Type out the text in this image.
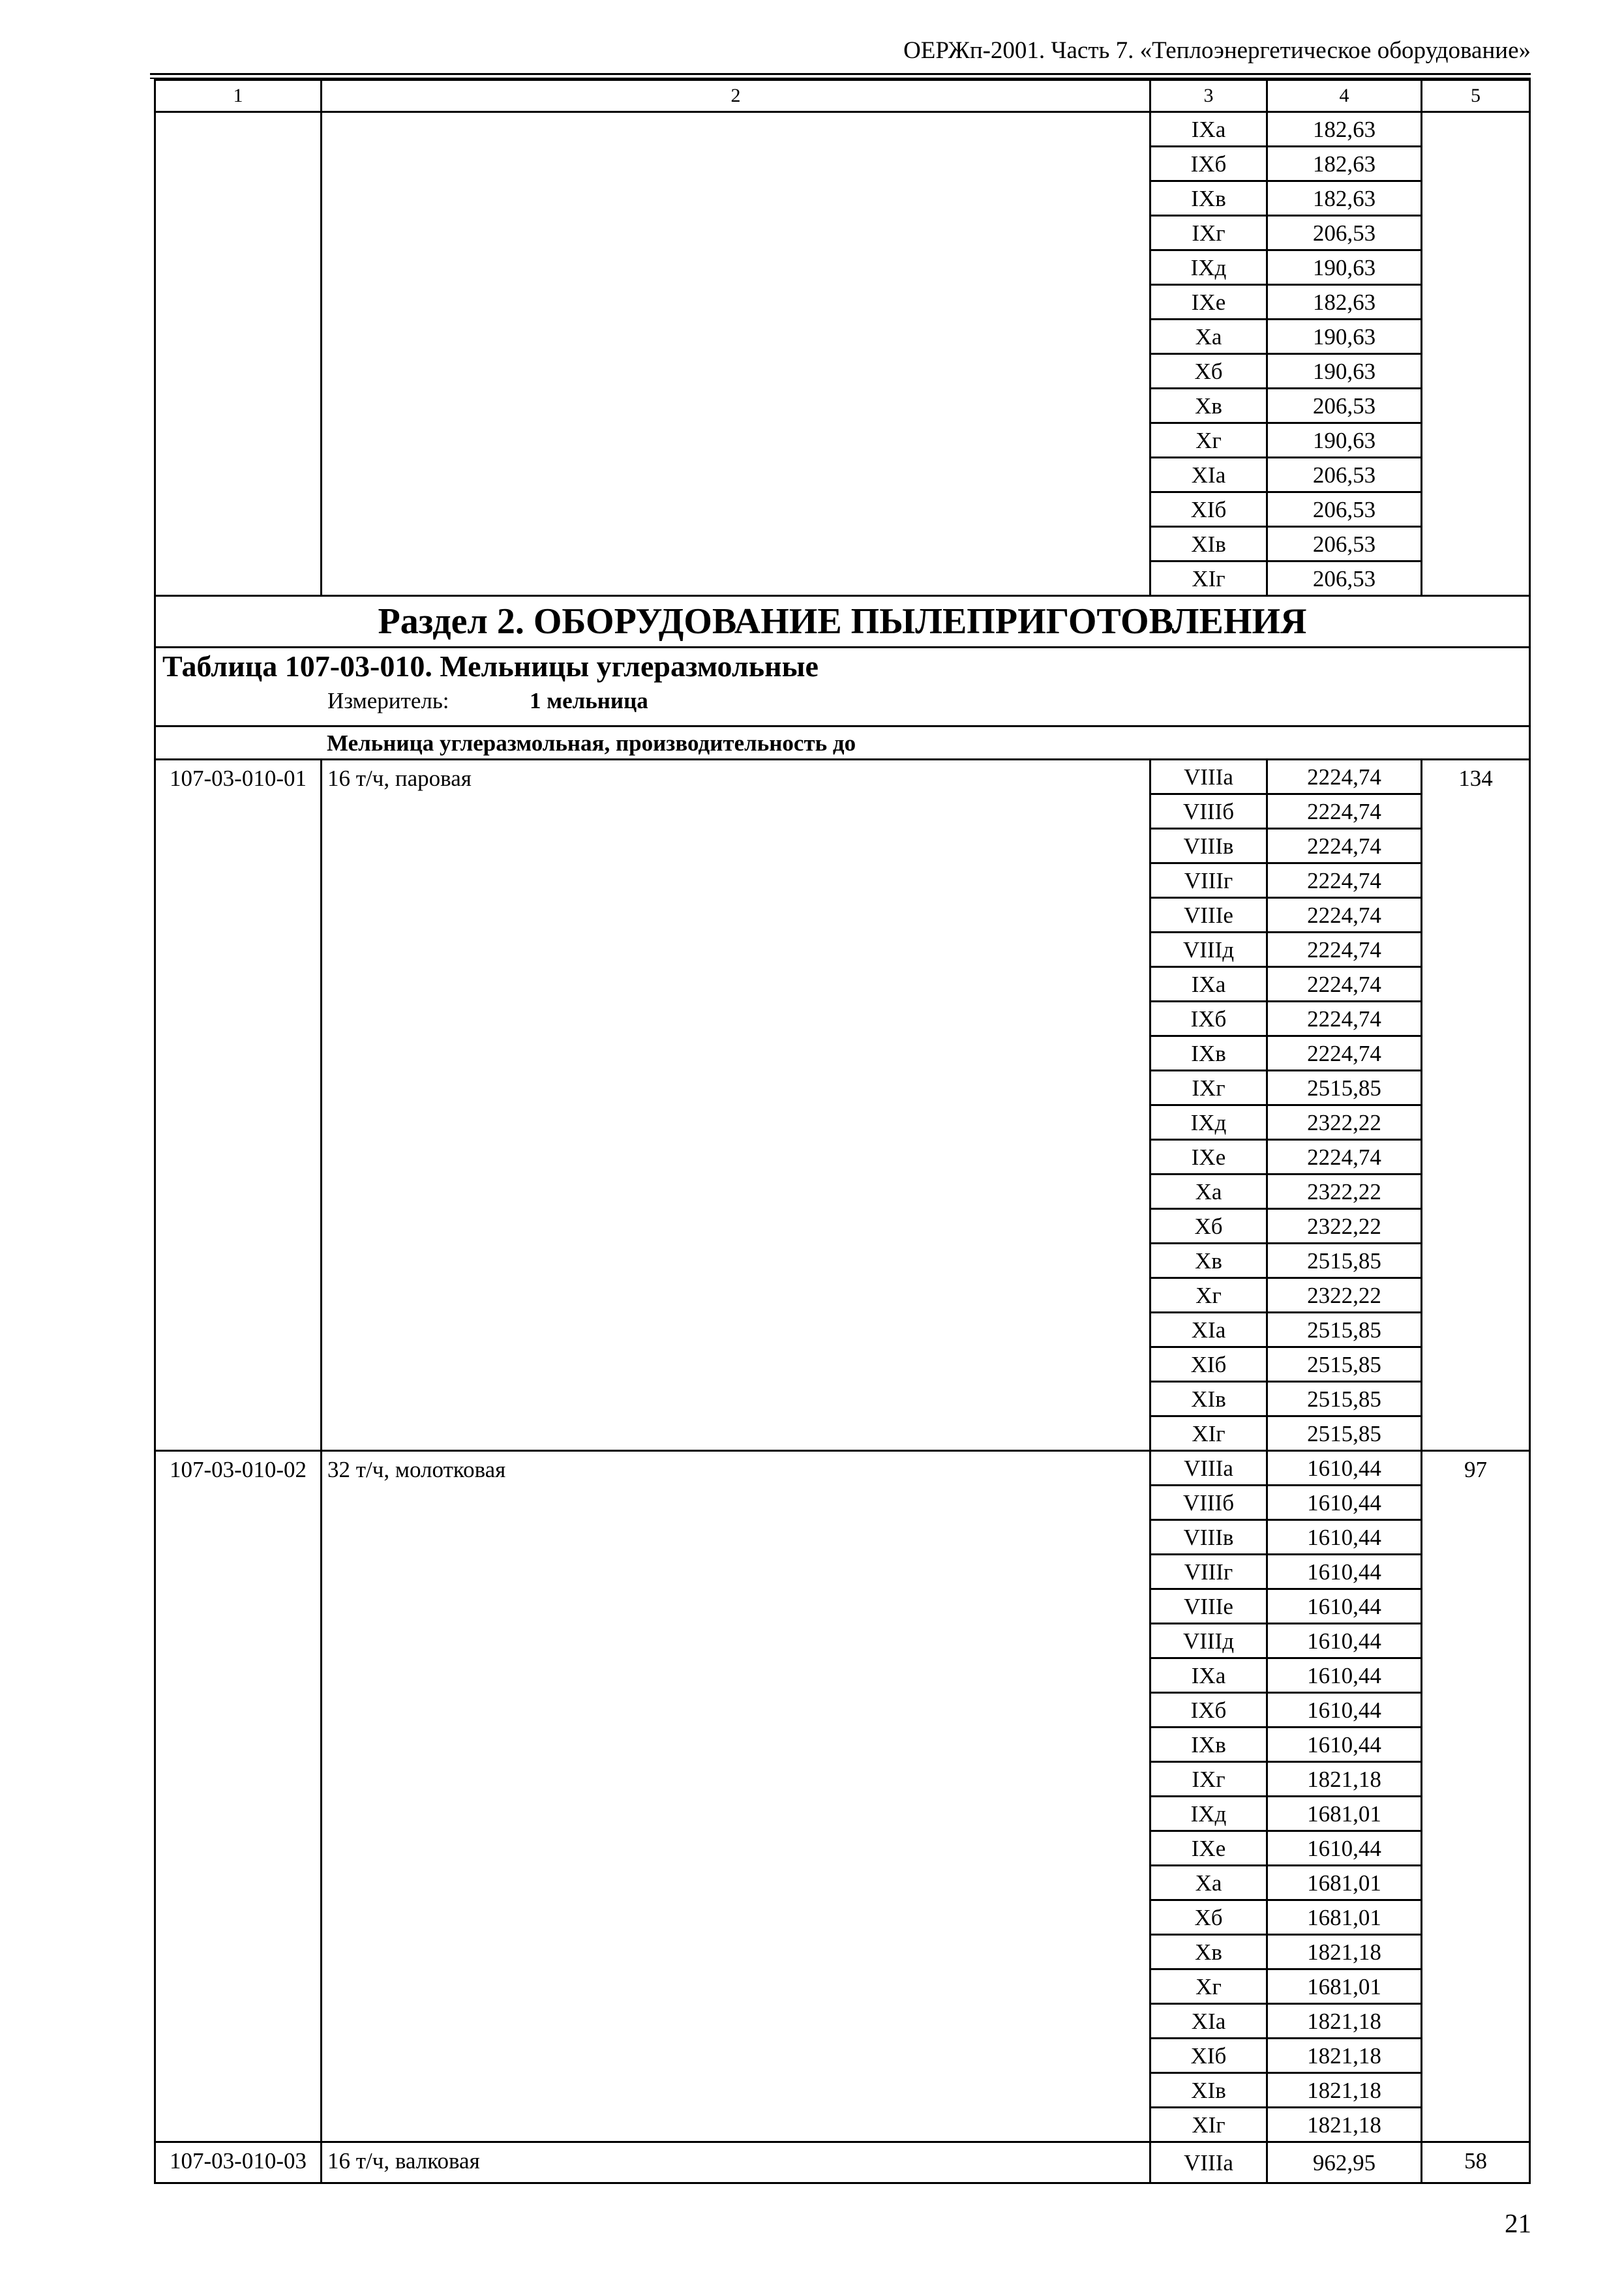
ОЕРЖп-2001. Часть 7. «Теплоэнергетическое оборудование»
1	2	3	4	5
		IXа	182,63	
		IXб	182,63	
		IXв	182,63	
		IXг	206,53	
		IXд	190,63	
		IXе	182,63	
		Xа	190,63	
		Xб	190,63	
		Xв	206,53	
		Xг	190,63	
		XIа	206,53	
		XIб	206,53	
		XIв	206,53	
		XIг	206,53	
Раздел 2. ОБОРУДОВАНИЕ ПЫЛЕПРИГОТОВЛЕНИЯ				

Таблица 107-03-010. Мельницы углеразмольные
Измеритель: 1 мельница				

Мельница углеразмольная, производительность до				
107-03-010-01	16 т/ч, паровая	VIIIа	2224,74	134
		VIIIб	2224,74	
		VIIIв	2224,74	
		VIIIг	2224,74	
		VIIIе	2224,74	
		VIIIд	2224,74	
		IXа	2224,74	
		IXб	2224,74	
		IXв	2224,74	
		IXг	2515,85	
		IXд	2322,22	
		IXе	2224,74	
		Xа	2322,22	
		Xб	2322,22	
		Xв	2515,85	
		Xг	2322,22	
		XIа	2515,85	
		XIб	2515,85	
		XIв	2515,85	
		XIг	2515,85	
107-03-010-02	32 т/ч, молотковая	VIIIа	1610,44	97
		VIIIб	1610,44	
		VIIIв	1610,44	
		VIIIг	1610,44	
		VIIIе	1610,44	
		VIIIд	1610,44	
		IXа	1610,44	
		IXб	1610,44	
		IXв	1610,44	
		IXг	1821,18	
		IXд	1681,01	
		IXе	1610,44	
		Xа	1681,01	
		Xб	1681,01	
		Xв	1821,18	
		Xг	1681,01	
		XIа	1821,18	
		XIб	1821,18	
		XIв	1821,18	
		XIг	1821,18	
107-03-010-03	16 т/ч, валковая	VIIIа	962,95	58
21
